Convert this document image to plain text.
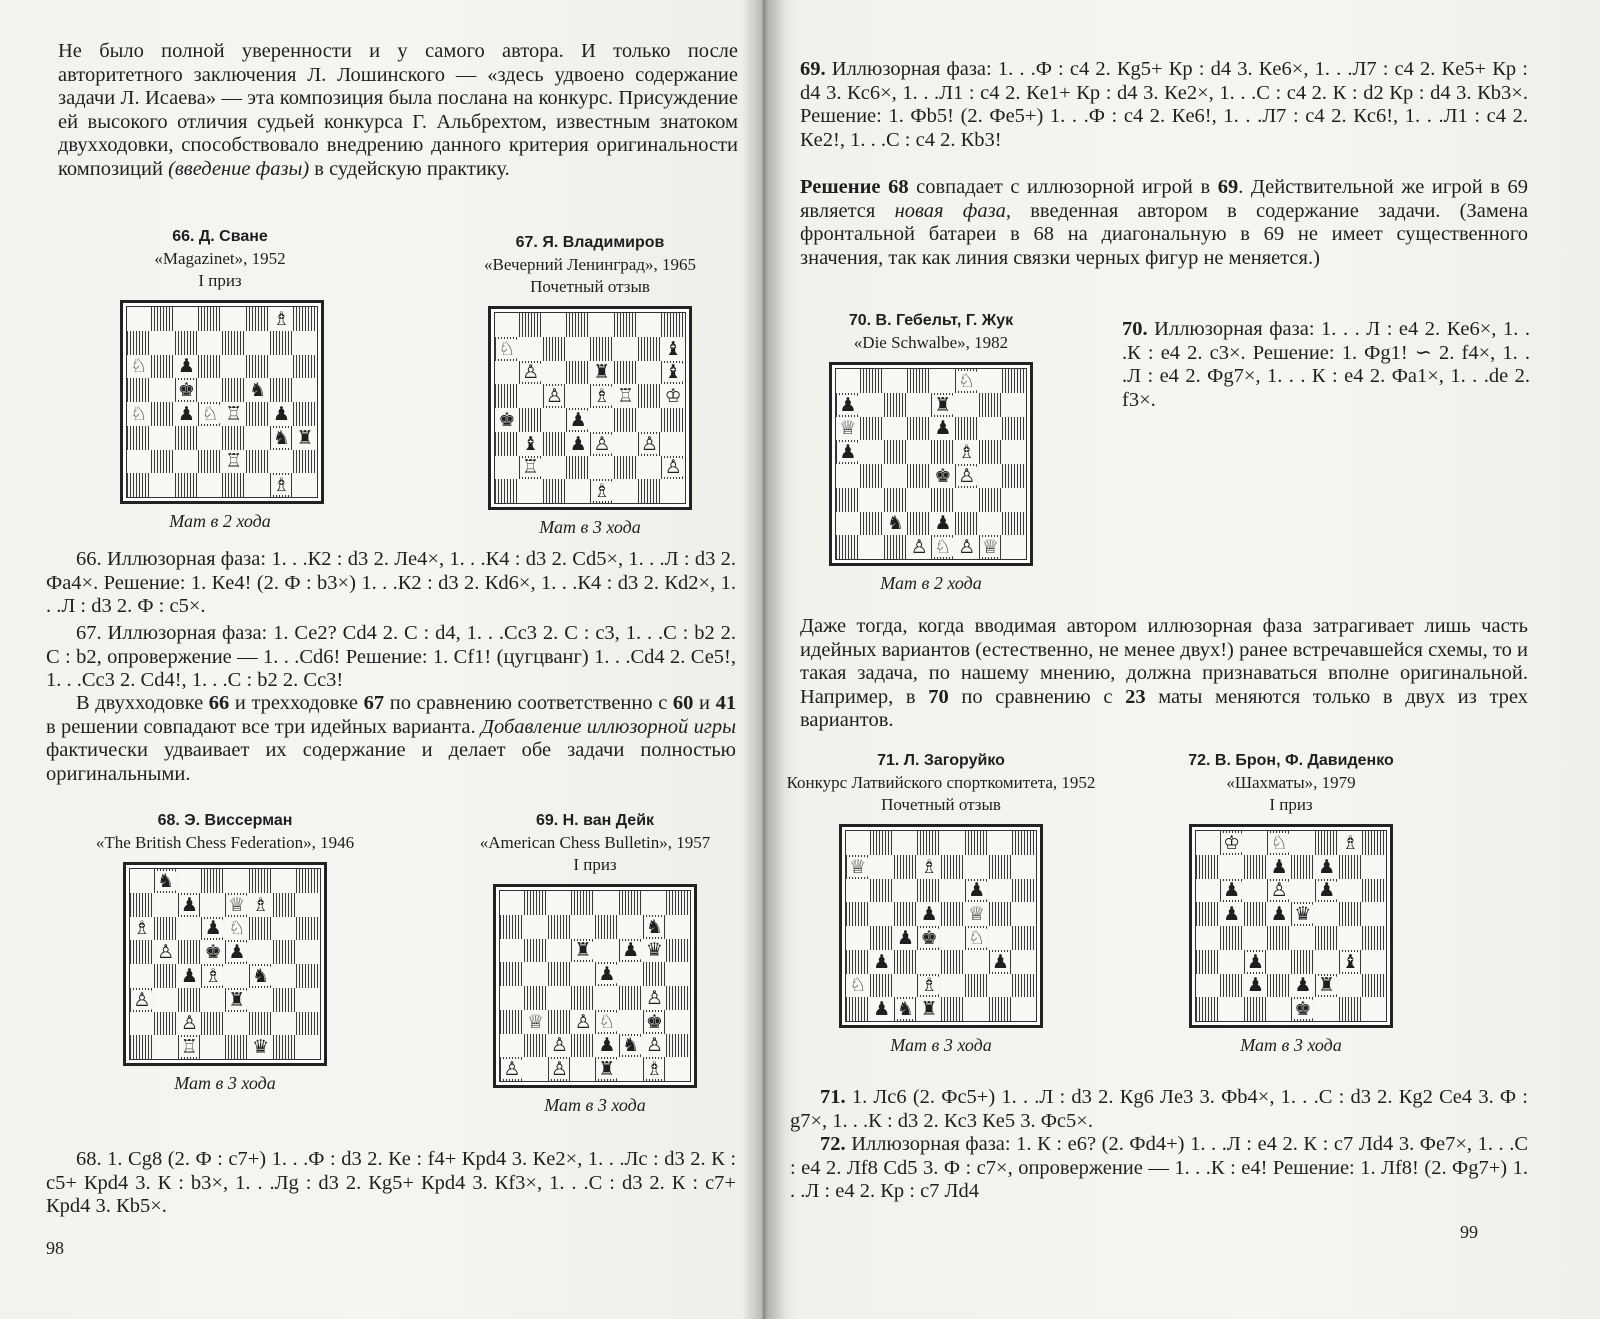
Не было полной уверенности и у самого автора. И только после авторитетного заключения Л. Лошинского — «здесь удвоено содержание задачи Л. Исаева» — эта композиция была послана на конкурс. Присуждение ей высокого отличия судьей конкурса Г. Альбрехтом, известным знатоком двухходовки, способствовало внедрению данного критерия оригинальности композиций (введение фазы) в судейскую практику.

66. Д. Сване
«Magazinet», 1952
I приз
♗
♘ ♟
♚	♞
♘ ♟ ♘ ♖ ♟
♞ ♜
♖
♗
Мат в 2 хода
67. Я. Владимиров
«Вечерний Ленинград», 1965
Почетный отзыв
♘	♝
♙	♜	♝
♙ ♗ ♖ ♔
♚	♟
♝ ♟ ♙ ♙
♖	♙
♗
Мат в 3 хода

66. Иллюзорная фаза: 1. . .К2 : d3 2. Ле4×, 1. . .К4 : d3 2. Сd5×, 1. . .Л : d3 2. Фа4×. Решение: 1. Кe4! (2. Ф : b3×) 1. . .К2 : d3 2. Кd6×, 1. . .К4 : d3 2. Кd2×, 1. . .Л : d3 2. Ф : c5×.

67. Иллюзорная фаза: 1. Се2? Сd4 2. С : d4, 1. . .Сc3 2. С : c3, 1. . .С : b2 2. С : b2, опровержение — 1. . .Сd6! Решение: 1. Сf1! (цугцванг) 1. . .Сd4 2. Се5!, 1. . .Сc3 2. Сd4!, 1. . .С : b2 2. Сc3!

В двухходовке 66 и трехходовке 67 по сравнению соответственно с 60 и 41 в решении совпадают все три идейных варианта. Добавление иллюзорной игры фактически удваивает их содержание и делает обе задачи полностью оригинальными.

68. Э. Виссерман
«The British Chess Federation», 1946
♞
♟ ♕ ♗
♗	♟ ♘
♙ ♚ ♟
♟ ♗ ♞
♙	♜
♙
♖	♛
Мат в 3 хода
69. Н. ван Дейк
«American Chess Bulletin», 1957
I приз
♞
♜ ♟ ♛
♟
♙
♕ ♙ ♘ ♚
♙ ♟ ♞ ♙
♙ ♙ ♜ ♗
Мат в 3 хода

68. 1. Сg8 (2. Ф : c7+) 1. . .Ф : d3 2. Кe : f4+ Кpd4 3. Кe2×, 1. . .Лc : d3 2. К : c5+ Кpd4 3. К : b3×, 1. . .Лg : d3 2. Кg5+ Кpd4 3. Кf3×, 1. . .С : d3 2. К : c7+ Кpd4 3. Кb5×.

98

69. Иллюзорная фаза: 1. . .Ф : c4 2. Кg5+ Кp : d4 3. Кe6×, 1. . .Л7 : c4 2. Кe5+ Кp : d4 3. Кc6×, 1. . .Л1 : c4 2. Кe1+ Кp : d4 3. Кe2×, 1. . .С : c4 2. К : d2 Кp : d4 3. Кb3×. Решение: 1. Фb5! (2. Фe5+) 1. . .Ф : c4 2. Кe6!, 1. . .Л7 : c4 2. Кc6!, 1. . .Л1 : c4 2. Кe2!, 1. . .С : c4 2. Кb3!

Решение 68 совпадает с иллюзорной игрой в 69. Действительной же игрой в 69 является новая фаза, введенная автором в содержание задачи. (Замена фронтальной батареи в 68 на диагональную в 69 не имеет существенного значения, так как линия связки черных фигур не меняется.)

70. В. Гебельт, Г. Жук
«Die Schwalbe», 1982
♘
♟	♜
♕	♟
♟	♗
♚ ♙
♞ ♟
♙ ♘ ♙ ♕
Мат в 2 хода

70. Иллюзорная фаза: 1. . . Л : e4 2. Кe6×, 1. . .К : e4 2. c3×. Решение: 1. Фg1! ∽ 2. f4×, 1. . .Л : e4 2. Фg7×, 1. . . К : e4 2. Фa1×, 1. . .de 2. f3×.

Даже тогда, когда вводимая автором иллюзорная фаза затрагивает лишь часть идейных вариантов (естественно, не менее двух!) ранее встречавшейся схемы, то и такая задача, по нашему мнению, должна признаваться вполне оригинальной. Например, в 70 по сравнению с 23 маты меняются только в двух из трех вариантов.

71. Л. Загоруйко
Конкурс Латвийского спорткомитета, 1952
Почетный отзыв
♕	♗
♟
♟ ♕
♟ ♚ ♘
♟	♟
♘	♗
♟ ♞ ♜
Мат в 3 хода
72. В. Брон, Ф. Давиденко
«Шахматы», 1979
I приз
♔ ♘	♗
♟ ♟
♟ ♙ ♟
♟ ♟ ♛
♟	♝
♟ ♟ ♜
♚
Мат в 3 хода

71. 1. Лc6 (2. Фc5+) 1. . .Л : d3 2. Кg6 Лe3 3. Фb4×, 1. . .С : d3 2. Кg2 Сe4 3. Ф : g7×, 1. . .К : d3 2. Кc3 Кe5 3. Фc5×.

72. Иллюзорная фаза: 1. К : e6? (2. Фd4+) 1. . .Л : e4 2. К : c7 Лd4 3. Фe7×, 1. . .С : e4 2. Лf8 Сd5 3. Ф : c7×, опровержение — 1. . .К : e4! Решение: 1. Лf8! (2. Фg7+) 1. . .Л : e4 2. Кp : c7 Лd4

99
